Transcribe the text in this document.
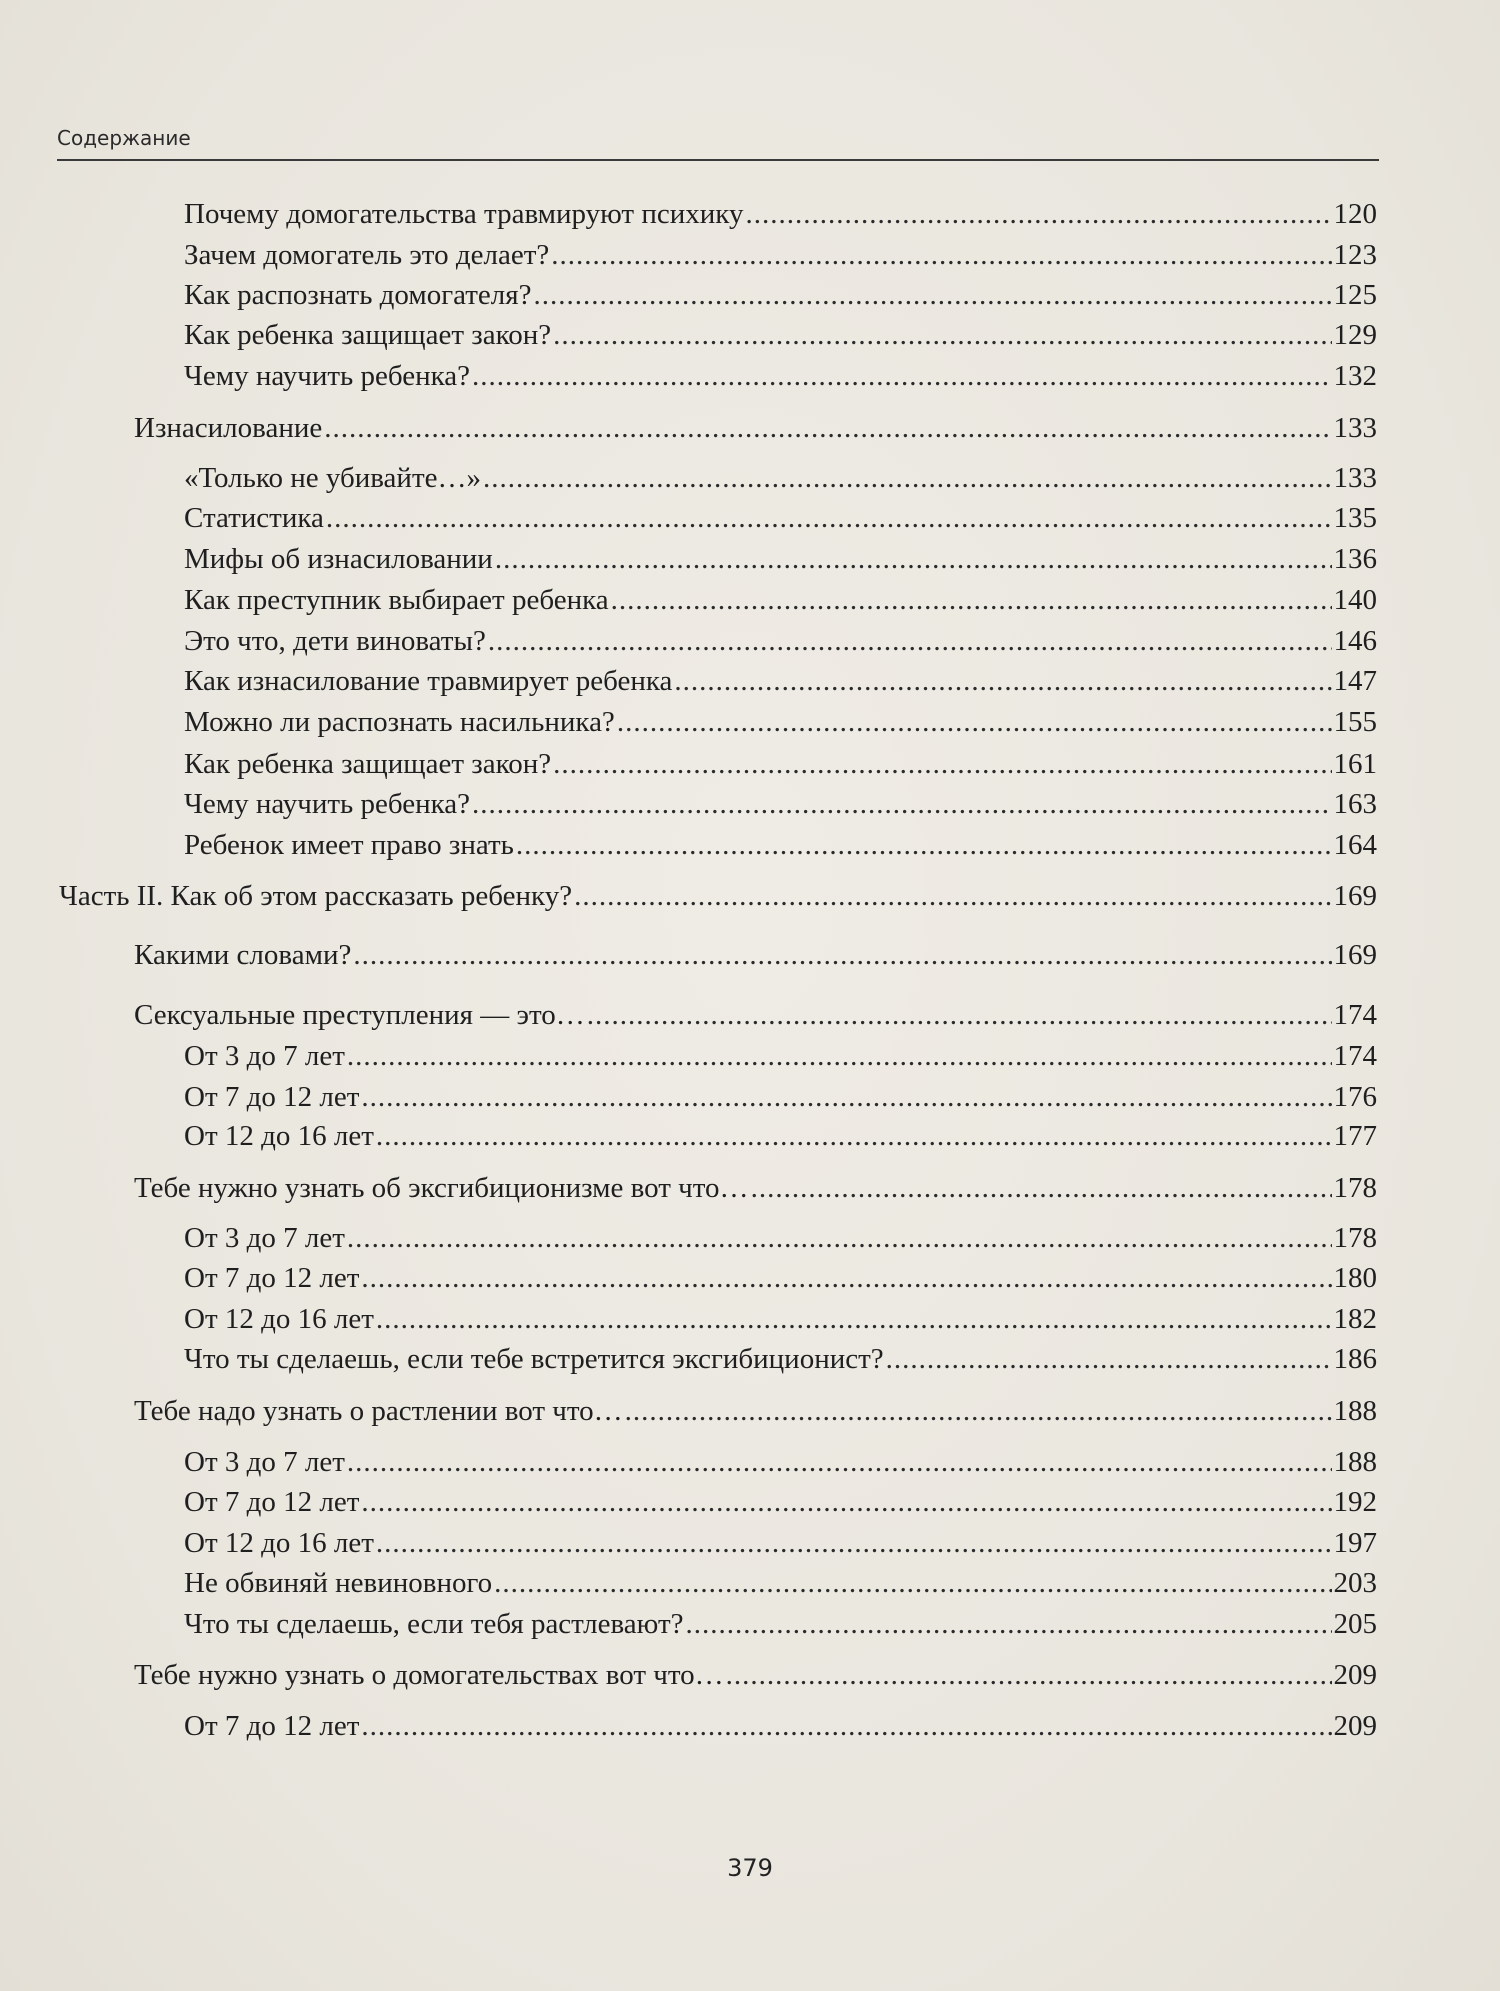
Содержание
Почему домогательства травмируют психику .....	120
Зачем домогатель это делает? .....	123
Как распознать домогателя? .....	125
Как ребенка защищает закон? .....	129
Чему научить ребенка? .....	132
Изнасилование .....	133
«Только не убивайте…» .....	133
Статистика .....	135
Мифы об изнасиловании .....	136
Как преступник выбирает ребенка .....	140
Это что, дети виноваты? .....	146
Как изнасилование травмирует ребенка .....	147
Можно ли распознать насильника? .....	155
Как ребенка защищает закон? .....	161
Чему научить ребенка? .....	163
Ребенок имеет право знать .....	164
Часть II. Как об этом рассказать ребенку? .....	169
Какими словами? .....	169
Сексуальные преступления — это… .....	174
От 3 до 7 лет .....	174
От 7 до 12 лет .....	176
От 12 до 16 лет .....	177
Тебе нужно узнать об эксгибиционизме вот что… .....	178
От 3 до 7 лет .....	178
От 7 до 12 лет .....	180
От 12 до 16 лет .....	182
Что ты сделаешь, если тебе встретится эксгибиционист? .....	186
Тебе надо узнать о растлении вот что… .....	188
От 3 до 7 лет .....	188
От 7 до 12 лет .....	192
От 12 до 16 лет .....	197
Не обвиняй невиновного .....	203
Что ты сделаешь, если тебя растлевают? .....	205
Тебе нужно узнать о домогательствах вот что… .....	209
От 7 до 12 лет .....	209
379
